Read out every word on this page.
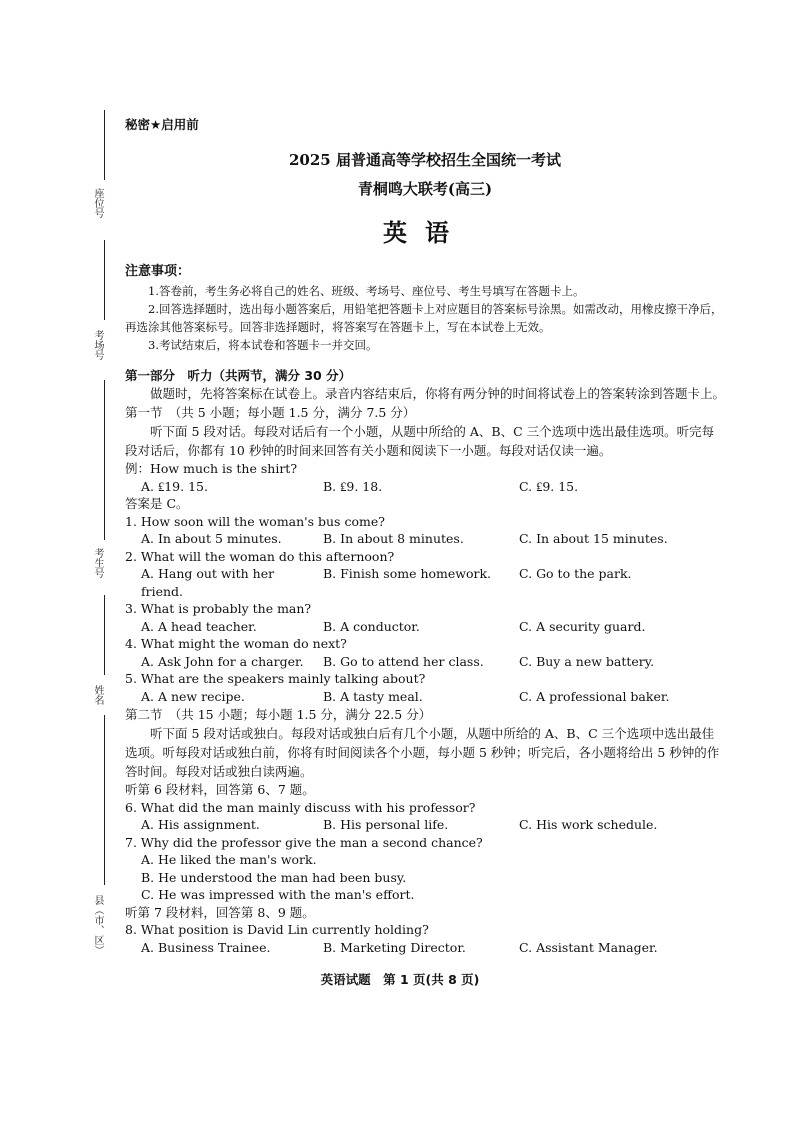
座位号
考场号
考生号
姓名
县（市、区）
秘密★启用前
2025 届普通高等学校招生全国统一考试
青桐鸣大联考(高三)
英语
注意事项：
1.答卷前，考生务必将自己的姓名、班级、考场号、座位号、考生号填写在答题卡上。
2.回答选择题时，选出每小题答案后，用铅笔把答题卡上对应题目的答案标号涂黑。如需改动，用橡皮擦干净后，再选涂其他答案标号。回答非选择题时，将答案写在答题卡上，写在本试卷上无效。
3.考试结束后，将本试卷和答题卡一并交回。
第一部分　听力（共两节，满分 30 分）
做题时，先将答案标在试卷上。录音内容结束后，你将有两分钟的时间将试卷上的答案转涂到答题卡上。
第一节　（共 5 小题；每小题 1.5 分，满分 7.5 分）
听下面 5 段对话。每段对话后有一个小题，从题中所给的 A、B、C 三个选项中选出最佳选项。听完每段对话后，你都有 10 秒钟的时间来回答有关小题和阅读下一小题。每段对话仅读一遍。
例：How much is the shirt?
A. ₤19. 15.	B. ₤9. 18.	C. ₤9. 15.
答案是 C。
1. How soon will the woman's bus come?
A. In about 5 minutes.	B. In about 8 minutes.	C. In about 15 minutes.
2. What will the woman do this afternoon?
A. Hang out with her friend.
B. Finish some homework.	C. Go to the park.
3. What is probably the man?
A. A head teacher.	B. A conductor.	C. A security guard.
4. What might the woman do next?
A. Ask John for a charger.	B. Go to attend her class.	C. Buy a new battery.
5. What are the speakers mainly talking about?
A. A new recipe.	B. A tasty meal.	C. A professional baker.
第二节　（共 15 小题；每小题 1.5 分，满分 22.5 分）
听下面 5 段对话或独白。每段对话或独白后有几个小题，从题中所给的 A、B、C 三个选项中选出最佳选项。听每段对话或独白前，你将有时间阅读各个小题，每小题 5 秒钟；听完后，各小题将给出 5 秒钟的作答时间。每段对话或独白读两遍。
听第 6 段材料，回答第 6、7 题。
6. What did the man mainly discuss with his professor?
A. His assignment.	B. His personal life.	C. His work schedule.
7. Why did the professor give the man a second chance?
A. He liked the man's work.
B. He understood the man had been busy.
C. He was impressed with the man's effort.
听第 7 段材料，回答第 8、9 题。
8. What position is David Lin currently holding?
A. Business Trainee.	B. Marketing Director.	C. Assistant Manager.
英语试题　第 1 页(共 8 页)
